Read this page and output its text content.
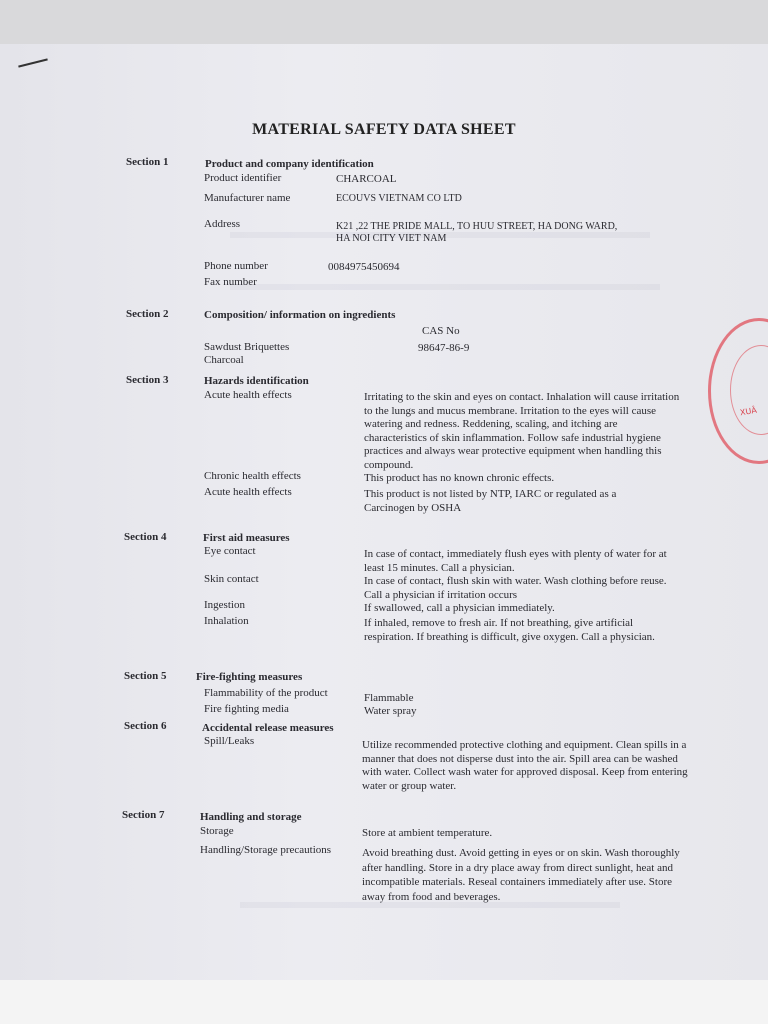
XUÂ
MATERIAL SAFETY DATA SHEET
Section 1	Product and company identification
Product identifier	CHARCOAL
Manufacturer name	ECOUVS VIETNAM CO LTD
Address	K21 ,22 THE PRIDE MALL, TO HUU STREET, HA DONG WARD,
HA NOI CITY VIET NAM
Phone number	0084975450694
Fax number
Section 2	Composition/ information on ingredients
CAS No
Sawdust Briquettes	98647-86-9
Charcoal
Section 3	Hazards identification
Acute health effects	Irritating to the skin and eyes on contact. Inhalation will cause irritation to the lungs and mucus membrane. Irritation to the eyes will cause watering and redness. Reddening, scaling, and itching are characteristics of skin inflammation. Follow safe industrial hygiene practices and always wear protective equipment when handling this compound.
Chronic health effects	This product has no known chronic effects.
Acute health effects	This product is not listed by NTP, IARC or regulated as a Carcinogen by OSHA
Section 4	First aid measures
Eye contact	In case of contact, immediately flush eyes with plenty of water for at least 15 minutes. Call a physician.
Skin contact	In case of contact, flush skin with water. Wash clothing before reuse. Call a physician if irritation occurs
Ingestion	If swallowed, call a physician immediately.
Inhalation	If inhaled, remove to fresh air. If not breathing, give artificial respiration. If breathing is difficult, give oxygen. Call a physician.
Section 5	Fire-fighting measures
Flammability of the product	Flammable
Fire fighting media	Water spray
Section 6	Accidental release measures
Spill/Leaks	Utilize recommended protective clothing and equipment. Clean spills in a manner that does not disperse dust into the air. Spill area can be washed with water. Collect wash water for approved disposal. Keep from entering water or group water.
Section 7	Handling and storage
Storage	Store at ambient temperature.
Handling/Storage precautions	Avoid breathing dust. Avoid getting in eyes or on skin. Wash thoroughly after handling. Store in a dry place away from direct sunlight, heat and incompatible materials. Reseal containers immediately after use. Store away from food and beverages.
